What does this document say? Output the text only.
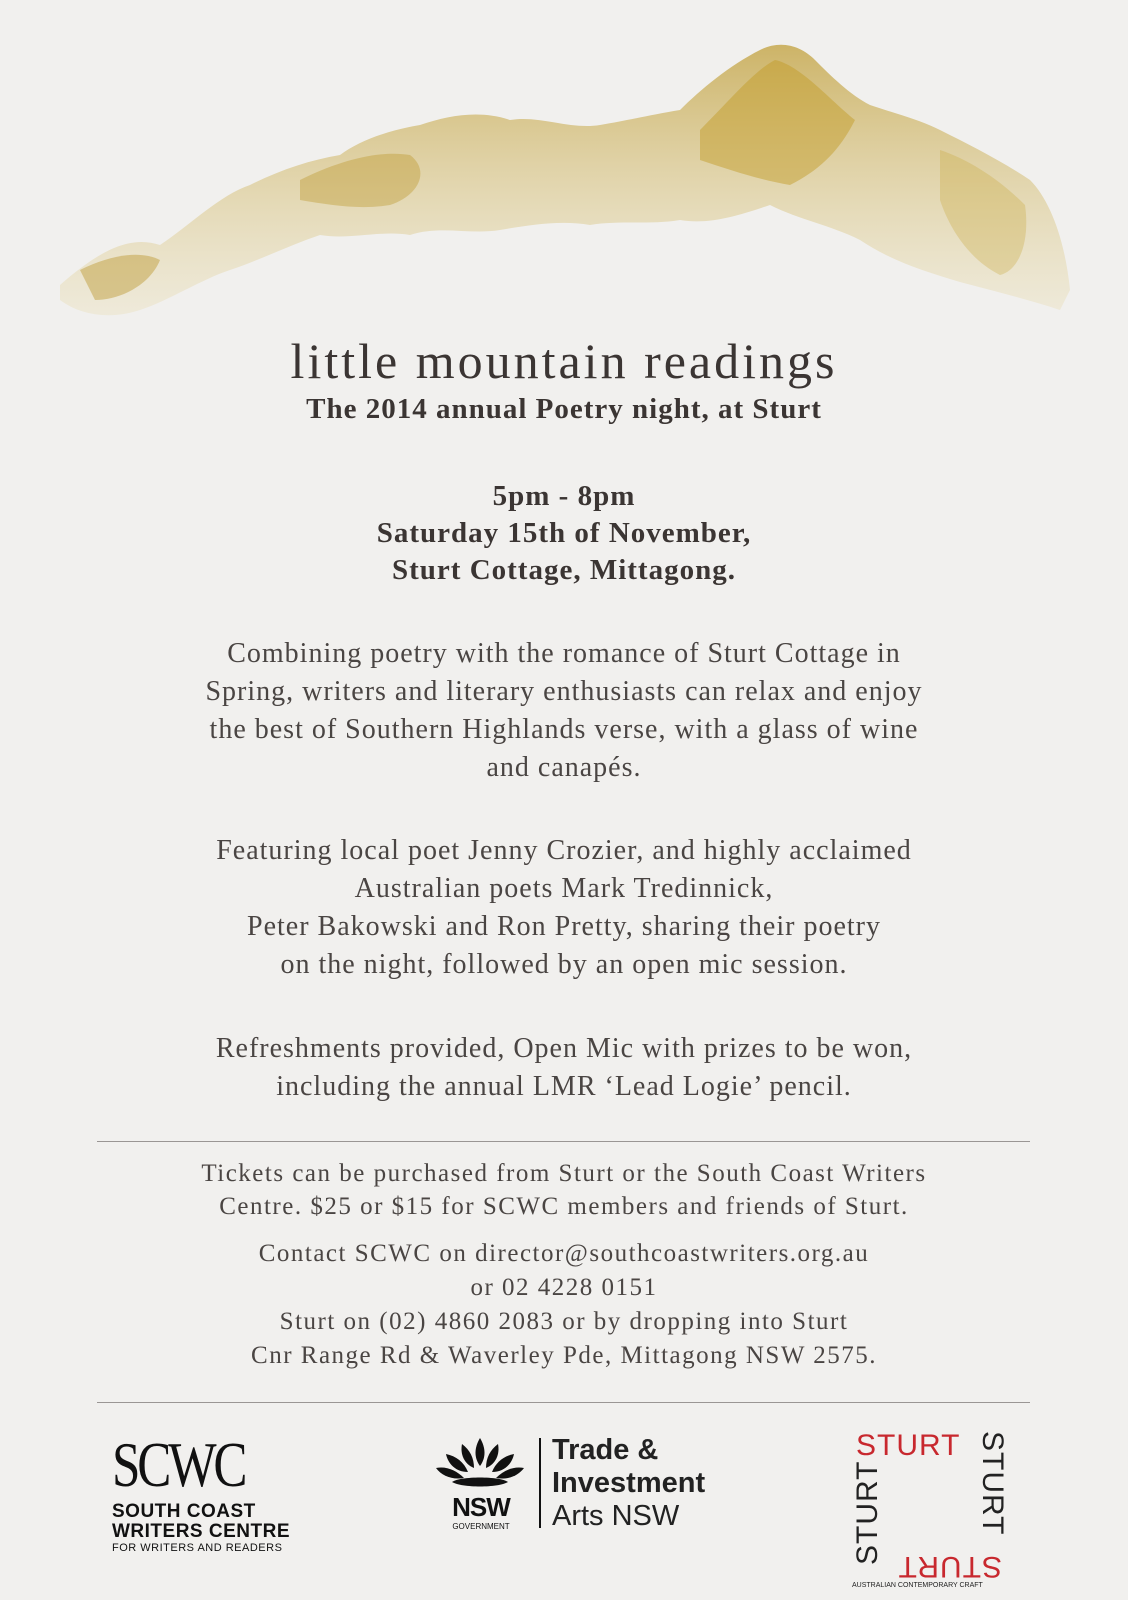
little mountain readings
The 2014 annual Poetry night, at Sturt
5pm - 8pm
Saturday 15th of November,
Sturt Cottage, Mittagong.
Combining poetry with the romance of Sturt Cottage in
Spring, writers and literary enthusiasts can relax and enjoy
the best of Southern Highlands verse, with a glass of wine
and canapés.
Featuring local poet Jenny Crozier, and highly acclaimed
Australian poets Mark Tredinnick,
Peter Bakowski and Ron Pretty, sharing their poetry
on the night, followed by an open mic session.
Refreshments provided, Open Mic with prizes to be won,
including the annual LMR ‘Lead Logie’ pencil.
Tickets can be purchased from Sturt or the South Coast Writers
Centre. $25 or $15 for SCWC members and friends of Sturt.
Contact SCWC on director@southcoastwriters.org.au
or 02 4228 0151
Sturt on (02) 4860 2083 or by dropping into Sturt
Cnr Range Rd & Waverley Pde, Mittagong NSW 2575.
SCWC
SOUTH COAST
WRITERS CENTRE
FOR WRITERS AND READERS
NSW
GOVERNMENT
Trade &
Investment
Arts NSW
STURT STURT
STURT
STURT
AUSTRALIAN CONTEMPORARY CRAFT
